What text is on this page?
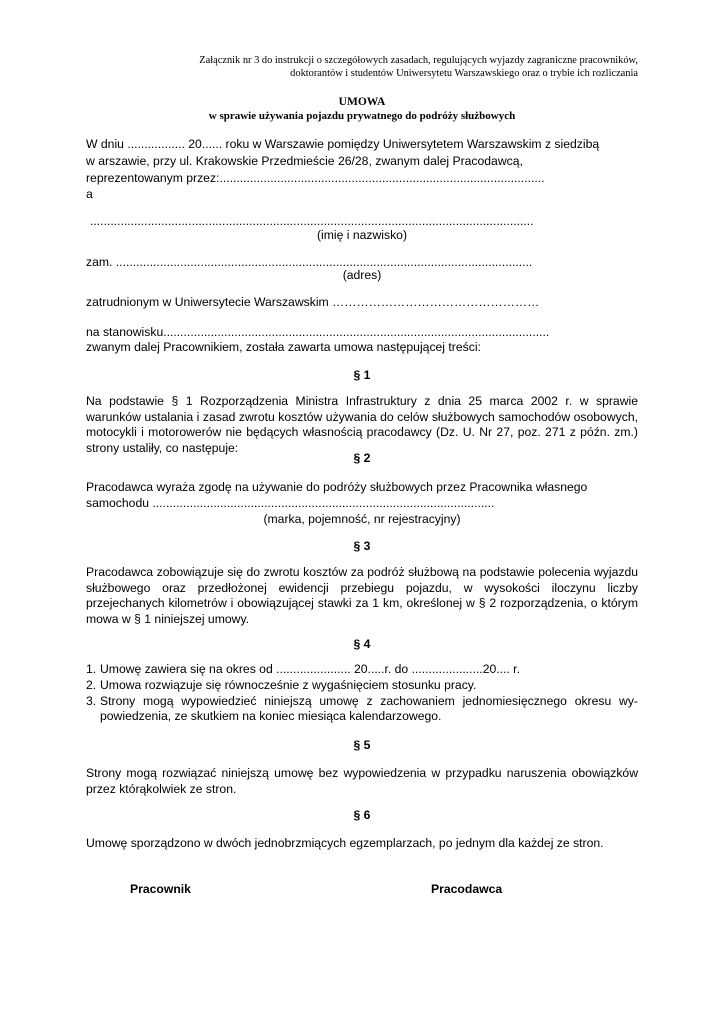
Załącznik nr 3 do instrukcji o szczegółowych zasadach, regulujących wyjazdy zagraniczne pracowników,
doktorantów i studentów Uniwersytetu Warszawskiego oraz o trybie ich rozliczania
UMOWA
w sprawie używania pojazdu prywatnego do podróży służbowych
W dniu ................. 20...... roku w Warszawie pomiędzy Uniwersytetem Warszawskim z siedzibą
w arszawie, przy ul. Krakowskie Przedmieście 26/28, zwanym dalej Pracodawcą,
reprezentowanym przez:................................................................................................
a
...................................................................................................................................
(imię i nazwisko)
zam. ...........................................................................................................................
(adres)
zatrudnionym w Uniwersytecie Warszawskim ……………………………………………
na stanowisku..................................................................................................................
zwanym dalej Pracownikiem, została zawarta umowa następującej treści:
§ 1
Na podstawie § 1 Rozporządzenia Ministra Infrastruktury z dnia 25 marca 2002 r. w sprawie warunków ustalania i zasad zwrotu kosztów używania do celów służbowych samochodów osobowych, motocykli i motorowerów nie będących własnością pracodawcy (Dz. U. Nr 27, poz. 271 z późn. zm.) strony ustaliły, co następuje:
§ 2
Pracodawca wyraża zgodę na używanie do podróży służbowych przez Pracownika własnego
samochodu .....................................................................................................
(marka, pojemność, nr rejestracyjny)
§ 3
Pracodawca zobowiązuje się do zwrotu kosztów za podróż służbową na podstawie polecenia wyjazdu służbowego oraz przedłożonej ewidencji przebiegu pojazdu, w wysokości iloczynu liczby przejechanych kilometrów i obowiązującej stawki za 1 km, określonej w § 2 rozporządzenia, o którym mowa w § 1 niniejszej umowy.
§ 4
1. Umowę zawiera się na okres od ...................... 20.....r. do .....................20.... r.
2. Umowa rozwiązuje się równocześnie z wygaśnięciem stosunku pracy.
3. Strony mogą wypowiedzieć niniejszą umowę z zachowaniem jednomiesięcznego okresu wy-powiedzenia, ze skutkiem na koniec miesiąca kalendarzowego.
§ 5
Strony mogą rozwiązać niniejszą umowę bez wypowiedzenia w przypadku naruszenia obowiązków przez którąkolwiek ze stron.
§ 6
Umowę sporządzono w dwóch jednobrzmiących egzemplarzach, po jednym dla każdej ze stron.
Pracownik	Pracodawca
